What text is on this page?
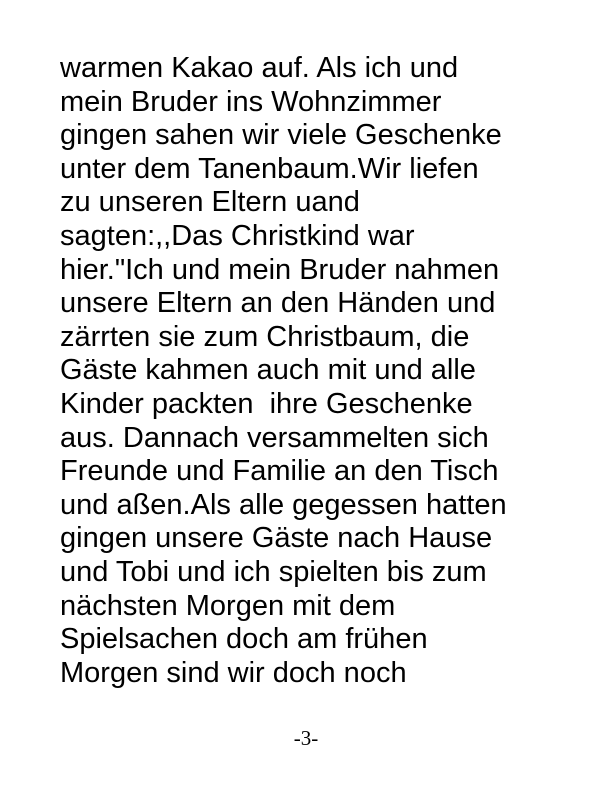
warmen Kakao auf. Als ich und
mein Bruder ins Wohnzimmer
gingen sahen wir viele Geschenke
unter dem Tanenbaum.Wir liefen
zu unseren Eltern uand
sagten:,,Das Christkind war
hier."Ich und mein Bruder nahmen
unsere Eltern an den Händen und
zärrten sie zum Christbaum, die
Gäste kahmen auch mit und alle
Kinder packten  ihre Geschenke
aus. Dannach versammelten sich
Freunde und Familie an den Tisch
und aßen.Als alle gegessen hatten
gingen unsere Gäste nach Hause
und Tobi und ich spielten bis zum
nächsten Morgen mit dem
Spielsachen doch am frühen
Morgen sind wir doch noch
-3-
